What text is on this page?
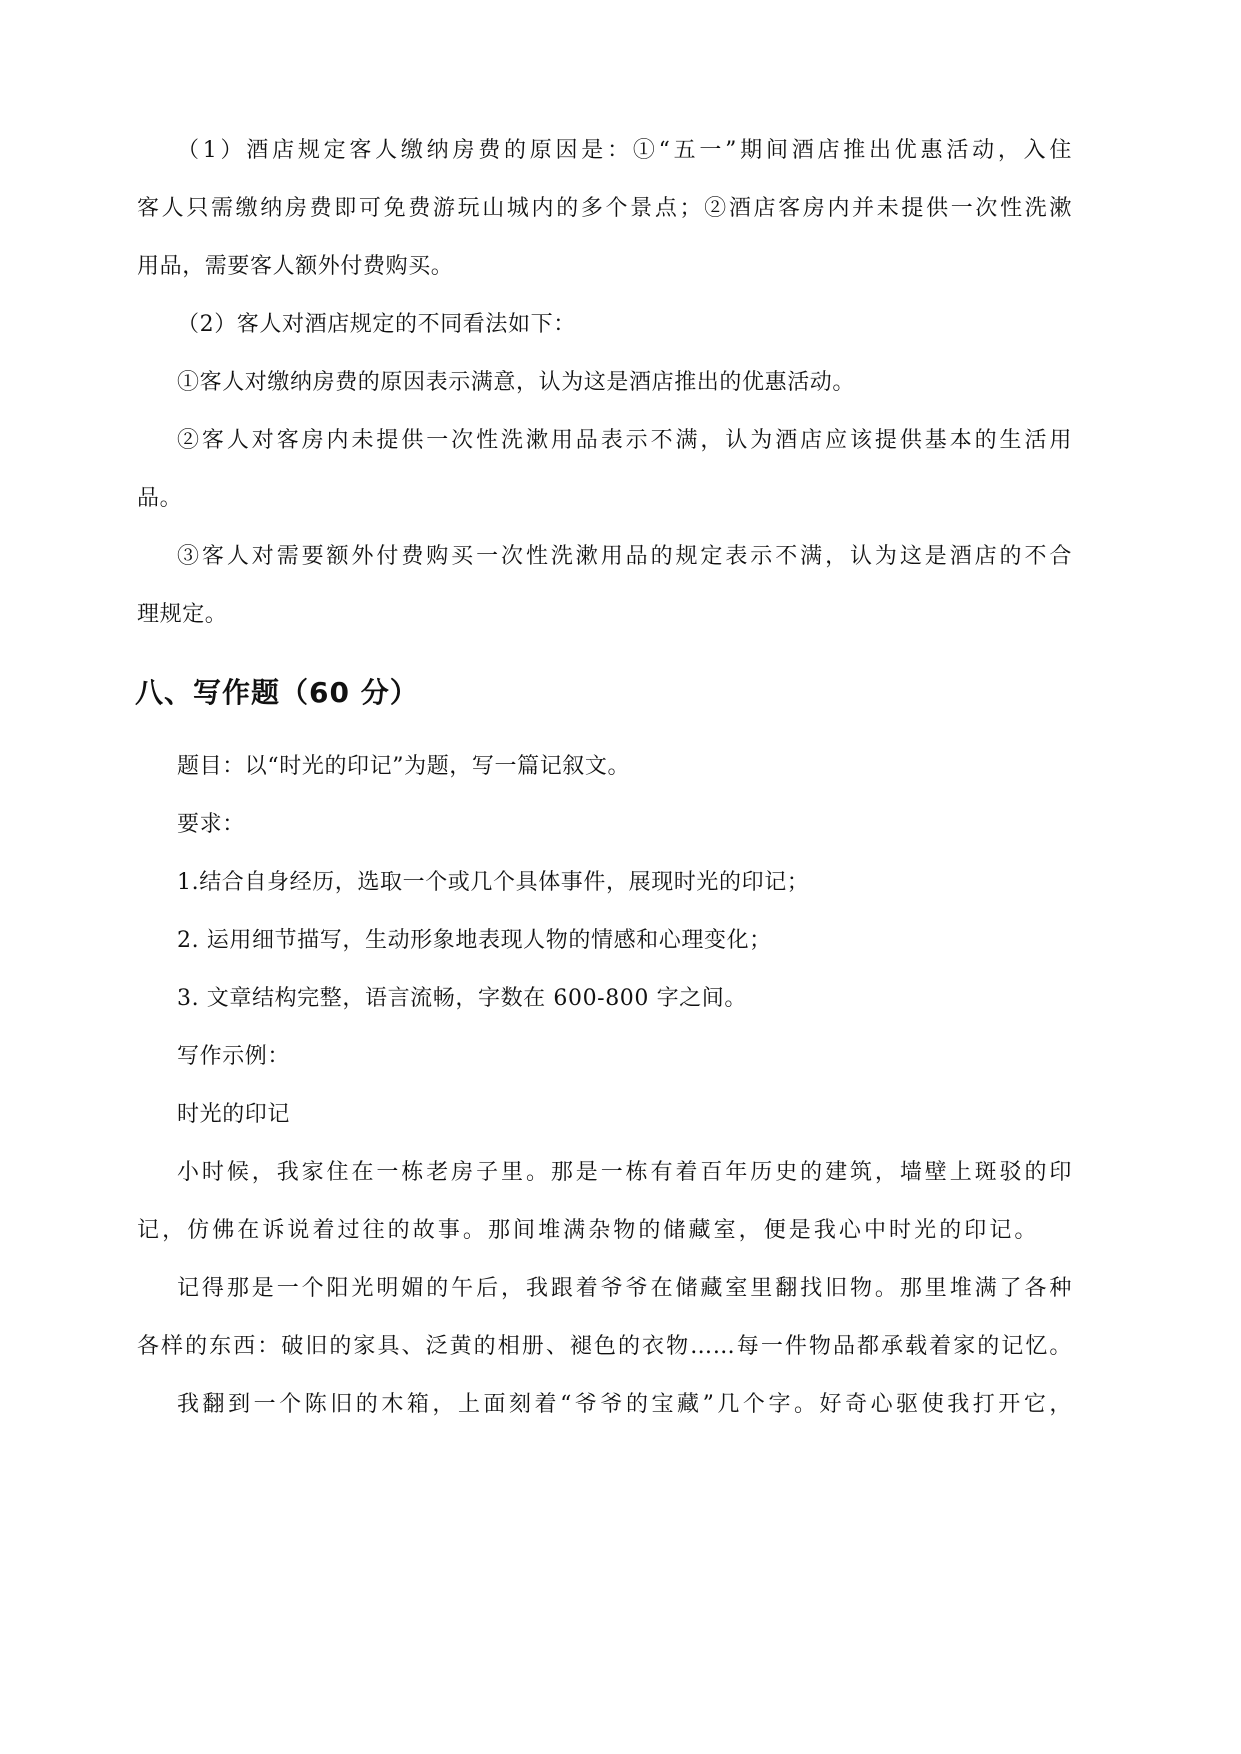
（1）酒店规定客人缴纳房费的原因是：①“五一”期间酒店推出优惠活动，入住
客人只需缴纳房费即可免费游玩山城内的多个景点；②酒店客房内并未提供一次性洗漱
用品，需要客人额外付费购买。
（2）客人对酒店规定的不同看法如下：
①客人对缴纳房费的原因表示满意，认为这是酒店推出的优惠活动。
②客人对客房内未提供一次性洗漱用品表示不满，认为酒店应该提供基本的生活用
品。
③客人对需要额外付费购买一次性洗漱用品的规定表示不满，认为这是酒店的不合
理规定。
八、写作题（60 分）
题目：以“时光的印记”为题，写一篇记叙文。
要求：
1.结合自身经历，选取一个或几个具体事件，展现时光的印记；
2. 运用细节描写，生动形象地表现人物的情感和心理变化；
3. 文章结构完整，语言流畅，字数在 600-800 字之间。
写作示例：
时光的印记
小时候，我家住在一栋老房子里。那是一栋有着百年历史的建筑，墙壁上斑驳的印
记，仿佛在诉说着过往的故事。那间堆满杂物的储藏室，便是我心中时光的印记。
记得那是一个阳光明媚的午后，我跟着爷爷在储藏室里翻找旧物。那里堆满了各种
各样的东西：破旧的家具、泛黄的相册、褪色的衣物……每一件物品都承载着家的记忆。
我翻到一个陈旧的木箱，上面刻着“爷爷的宝藏”几个字。好奇心驱使我打开它，
